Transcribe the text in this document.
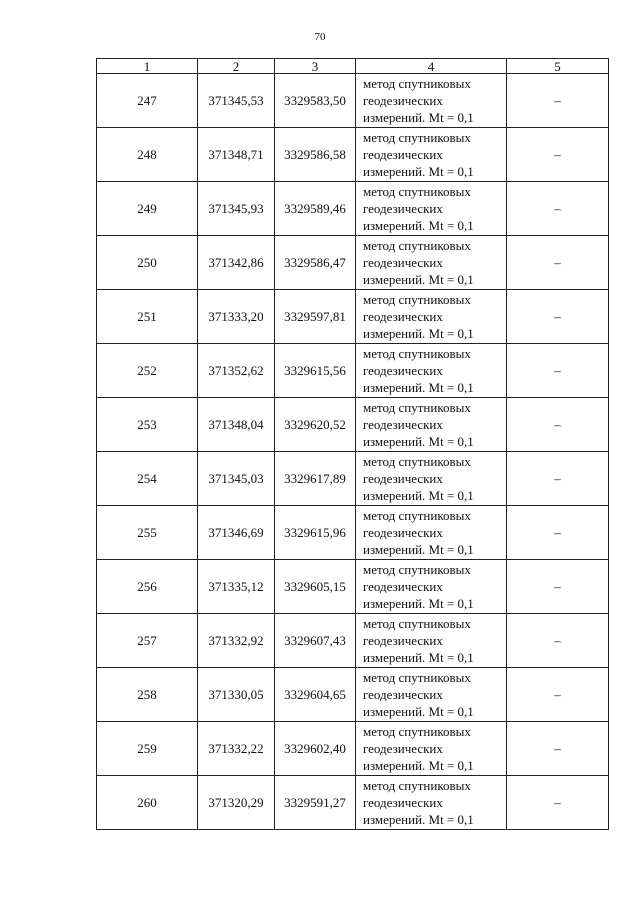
70
1	2	3	4	5
247	371345,53	3329583,50	метод спутниковых
геодезических
измерений. Mt = 0,1	–
248	371348,71	3329586,58	метод спутниковых
геодезических
измерений. Mt = 0,1	–
249	371345,93	3329589,46	метод спутниковых
геодезических
измерений. Mt = 0,1	–
250	371342,86	3329586,47	метод спутниковых
геодезических
измерений. Mt = 0,1	–
251	371333,20	3329597,81	метод спутниковых
геодезических
измерений. Mt = 0,1	–
252	371352,62	3329615,56	метод спутниковых
геодезических
измерений. Mt = 0,1	–
253	371348,04	3329620,52	метод спутниковых
геодезических
измерений. Mt = 0,1	–
254	371345,03	3329617,89	метод спутниковых
геодезических
измерений. Mt = 0,1	–
255	371346,69	3329615,96	метод спутниковых
геодезических
измерений. Mt = 0,1	–
256	371335,12	3329605,15	метод спутниковых
геодезических
измерений. Mt = 0,1	–
257	371332,92	3329607,43	метод спутниковых
геодезических
измерений. Mt = 0,1	–
258	371330,05	3329604,65	метод спутниковых
геодезических
измерений. Mt = 0,1	–
259	371332,22	3329602,40	метод спутниковых
геодезических
измерений. Mt = 0,1	–
260	371320,29	3329591,27	метод спутниковых
геодезических
измерений. Mt = 0,1	–
